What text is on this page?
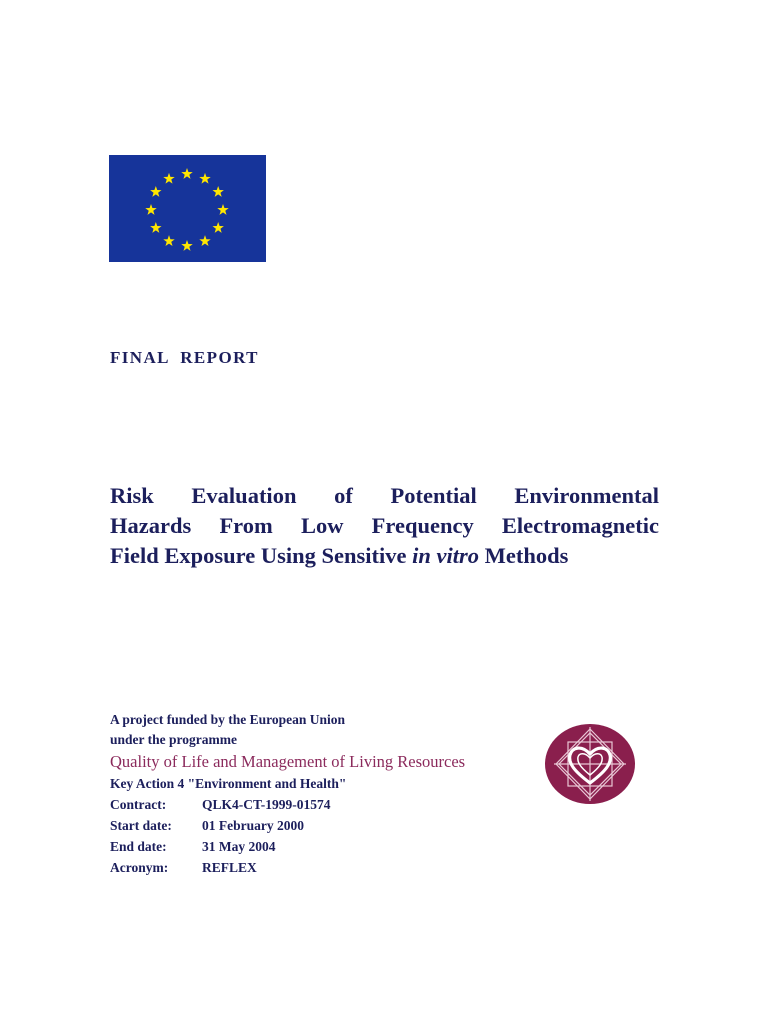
FINAL  REPORT
Risk Evaluation of Potential Environmental
Hazards From Low Frequency Electromagnetic
Field Exposure Using Sensitive in vitro Methods
A project funded by the European Union
under the programme
Quality of Life and Management of Living Resources
Key Action 4 "Environment and Health"
Contract:	QLK4-CT-1999-01574
Start date:	01 February 2000
End date:	31 May 2004
Acronym:	REFLEX
